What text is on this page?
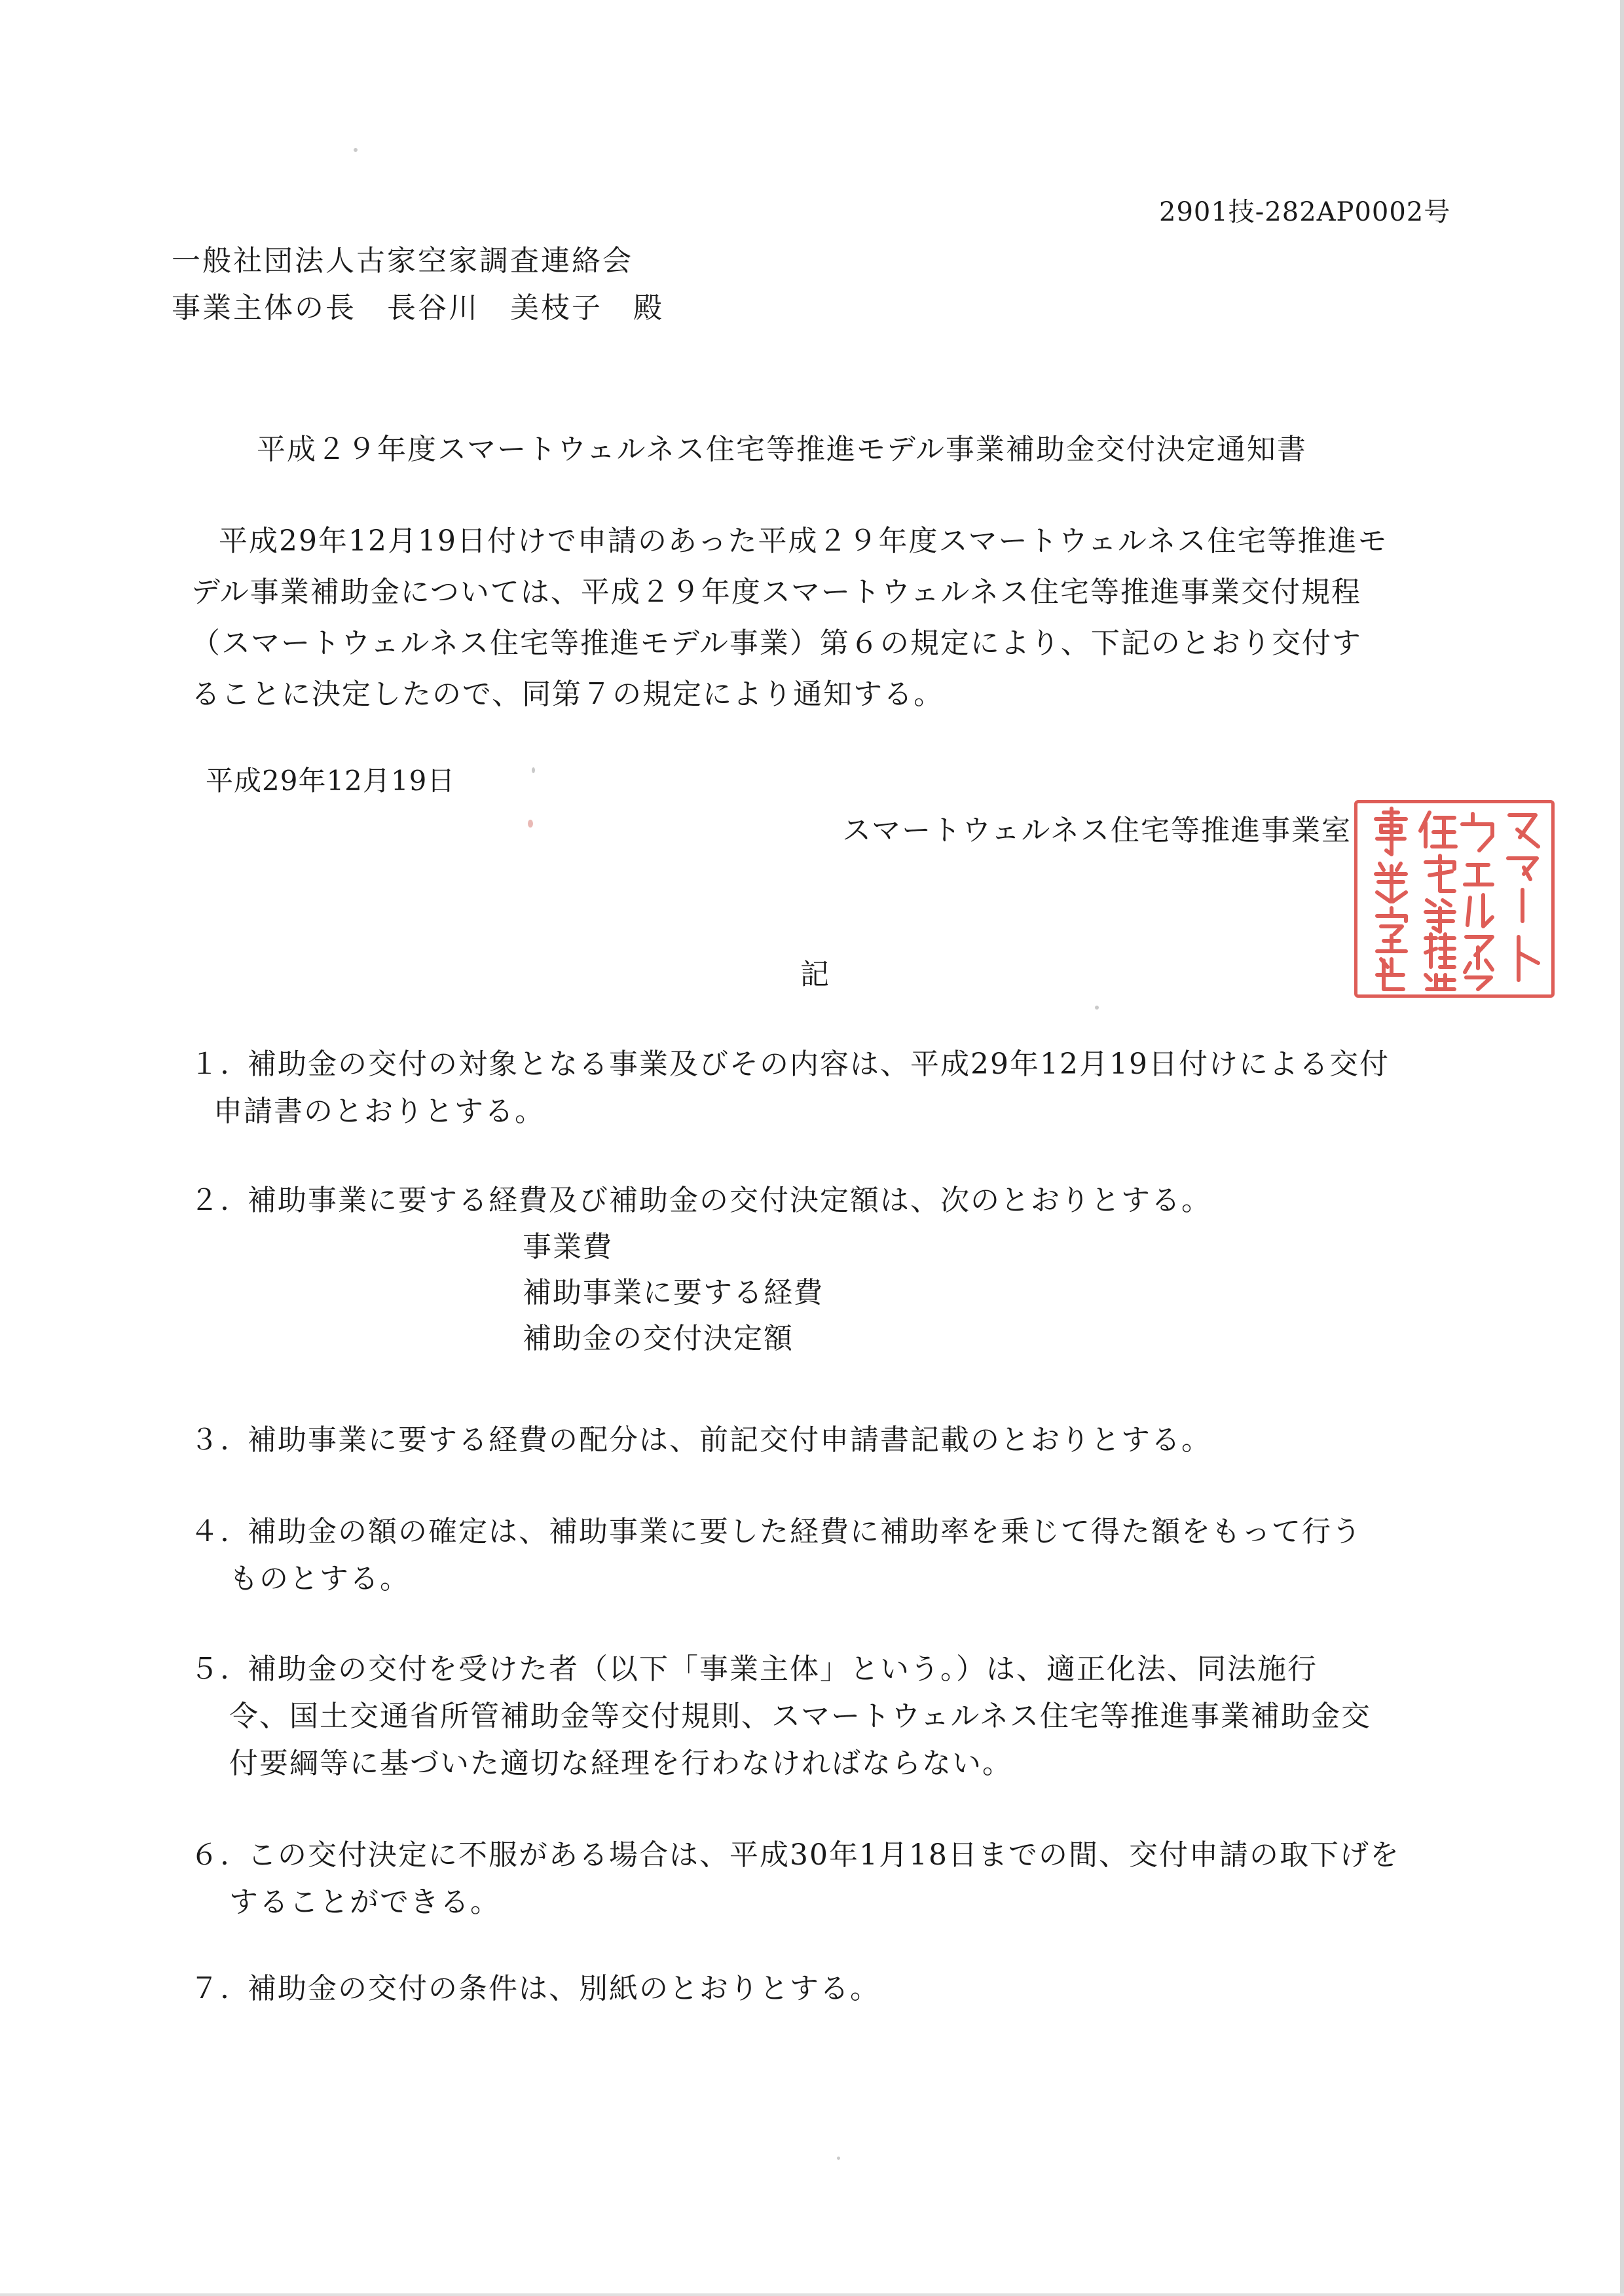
2901技-282AP0002号
一般社団法人古家空家調査連絡会
事業主体の長　長谷川　美枝子　殿
平成２９年度スマートウェルネス住宅等推進モデル事業補助金交付決定通知書
平成29年12月19日付けで申請のあった平成２９年度スマートウェルネス住宅等推進モ
デル事業補助金については、平成２９年度スマートウェルネス住宅等推進事業交付規程
（スマートウェルネス住宅等推進モデル事業）第６の規定により、下記のとおり交付す
ることに決定したので、同第７の規定により通知する。
平成29年12月19日
スマートウェルネス住宅等推進事業室
記
１. 補助金の交付の対象となる事業及びその内容は、平成29年12月19日付けによる交付
申請書のとおりとする。
２. 補助事業に要する経費及び補助金の交付決定額は、次のとおりとする。
３. 補助事業に要する経費の配分は、前記交付申請書記載のとおりとする。
４. 補助金の額の確定は、補助事業に要した経費に補助率を乗じて得た額をもって行う
ものとする。
５. 補助金の交付を受けた者（以下「事業主体」という。）は、適正化法、同法施行
令、国土交通省所管補助金等交付規則、スマートウェルネス住宅等推進事業補助金交
付要綱等に基づいた適切な経理を行わなければならない。
６. この交付決定に不服がある場合は、平成30年1月18日までの間、交付申請の取下げを
することができる。
７. 補助金の交付の条件は、別紙のとおりとする。
事業費
補助事業に要する経費
補助金の交付決定額
